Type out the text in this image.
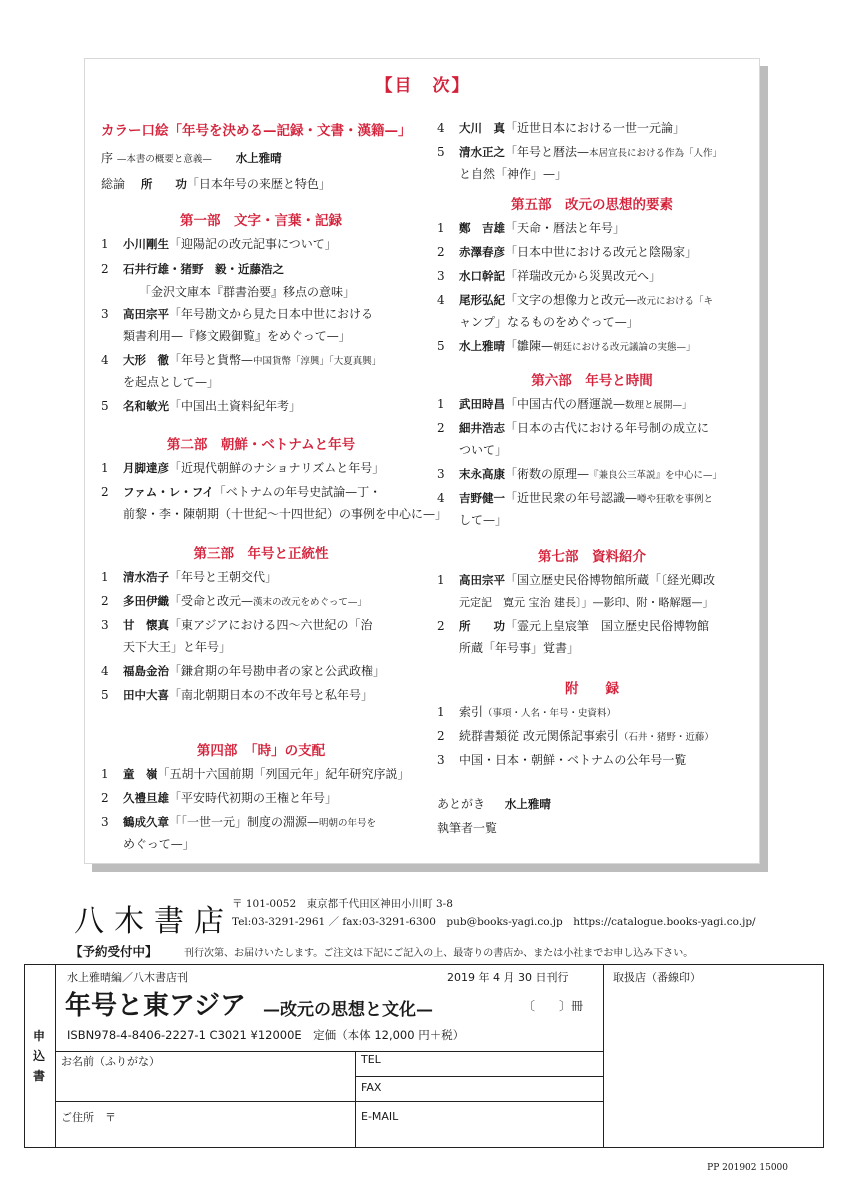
【目　次】
カラー口絵「年号を決める—記録・文書・漢籍—」
序 —本書の概要と意義— 水上雅晴
総論 所　　功「日本年号の来歴と特色」
第一部　文字・言葉・記録
1 小川剛生「迎陽記の改元記事について」
2 石井行雄・猪野　毅・近藤浩之
「金沢文庫本『群書治要』移点の意味」
3 高田宗平「年号勘文から見た日本中世における
類書利用—『修文殿御覧』をめぐって—」
4 大形　徹「年号と貨幣—中国貨幣「淳興」「大夏真興」
を起点として—」
5 名和敏光「中国出土資料紀年考」
第二部　朝鮮・ベトナムと年号
1 月脚達彦「近現代朝鮮のナショナリズムと年号」
2 ファム・レ・フイ「ベトナムの年号史試論—丁・
前黎・李・陳朝期（十世紀～十四世紀）の事例を中心に—」
第三部　年号と正統性
1 清水浩子「年号と王朝交代」
2 多田伊織「受命と改元—漢末の改元をめぐって—」
3 甘　懐真「東アジアにおける四～六世紀の「治
天下大王」と年号」
4 福島金治「鎌倉期の年号勘申者の家と公武政権」
5 田中大喜「南北朝期日本の不改年号と私年号」
第四部　「時」の支配
1 童　嶺「五胡十六国前期「列国元年」紀年研究序説」
2 久禮旦雄「平安時代初期の王権と年号」
3 鶴成久章「「一世一元」制度の淵源—明朝の年号を
めぐって—」
4 大川　真「近世日本における一世一元論」
5 清水正之「年号と暦法—本居宣長における作為「人作」
と自然「神作」—」
第五部　改元の思想的要素
1 鄭　吉雄「天命・暦法と年号」
2 赤澤春彦「日本中世における改元と陰陽家」
3 水口幹記「祥瑞改元から災異改元へ」
4 尾形弘紀「文字の想像力と改元—改元における「キ
ャンプ」なるものをめぐって—」
5 水上雅晴「雛陳—朝廷における改元議論の実態—」
第六部　年号と時間
1 武田時昌「中国古代の暦運説—数理と展開—」
2 細井浩志「日本の古代における年号制の成立に
ついて」
3 末永高康「術数の原理—『兼良公三革説』を中心に—」
4 吉野健一「近世民衆の年号認識—噂や狂歌を事例と
して—」
第七部　資料紹介
1 高田宗平「国立歴史民俗博物館所蔵「〔経光卿改
元定記　寛元 宝治 建長〕」—影印、附・略解題—」
2 所　　功「霊元上皇宸筆　国立歴史民俗博物館
所蔵「年号事」覚書」
附　　録
1 索引（事項・人名・年号・史資料）
2 続群書類従 改元関係記事索引（石井・猪野・近藤）
3 中国・日本・朝鮮・ベトナムの公年号一覧
あとがき 水上雅晴
執筆者一覧
八木書店
〒 101-0052　東京都千代田区神田小川町 3-8
Tel:03-3291-2961 ／ fax:03-3291-6300　pub@books-yagi.co.jp　https://catalogue.books-yagi.co.jp/
【予約受付中】	刊行次第、お届けいたします。ご注文は下記にご記入の上、最寄りの書店か、または小社までお申し込み下さい。
申
込
書
水上雅晴編／八木書店刊	2019 年 4 月 30 日刊行
年号と東アジア —改元の思想と文化—	〔　　〕冊
ISBN978-4-8406-2227-1 C3021 ¥12000E　定価（本体 12,000 円＋税）
取扱店（番線印）
お名前（ふりがな）
ご住所　〒
TEL
FAX
E-MAIL
PP 201902 15000
